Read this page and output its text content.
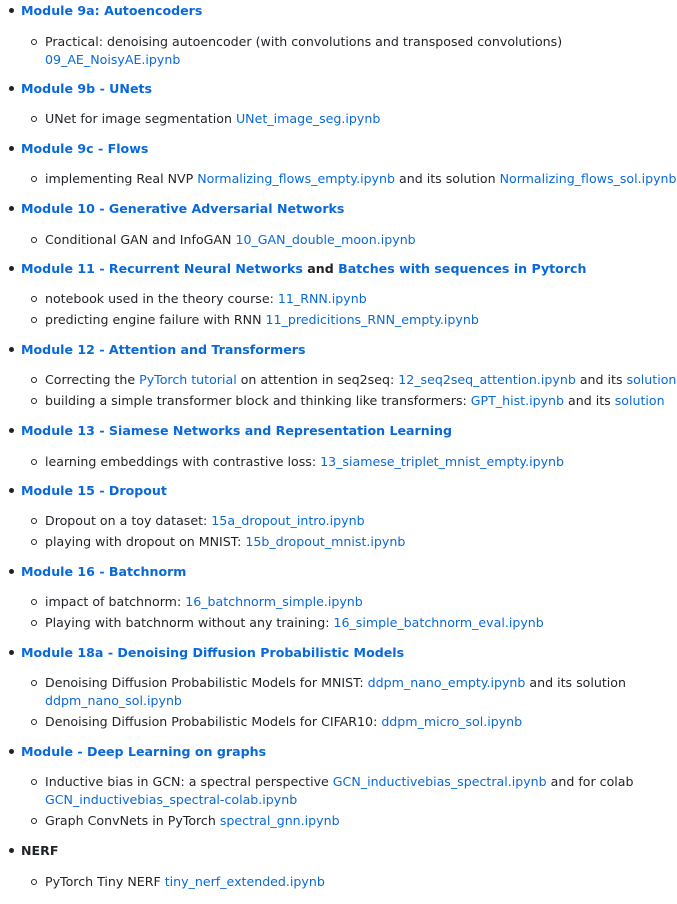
Module 9a: Autoencoders
Practical: denoising autoencoder (with convolutions and transposed convolutions)
09_AE_NoisyAE.ipynb
Module 9b - UNets
UNet for image segmentation UNet_image_seg.ipynb
Module 9c - Flows
implementing Real NVP Normalizing_flows_empty.ipynb and its solution Normalizing_flows_sol.ipynb
Module 10 - Generative Adversarial Networks
Conditional GAN and InfoGAN 10_GAN_double_moon.ipynb
Module 11 - Recurrent Neural Networks and Batches with sequences in Pytorch
notebook used in the theory course: 11_RNN.ipynb
predicting engine failure with RNN 11_predicitions_RNN_empty.ipynb
Module 12 - Attention and Transformers
Correcting the PyTorch tutorial on attention in seq2seq: 12_seq2seq_attention.ipynb and its solution
building a simple transformer block and thinking like transformers: GPT_hist.ipynb and its solution
Module 13 - Siamese Networks and Representation Learning
learning embeddings with contrastive loss: 13_siamese_triplet_mnist_empty.ipynb
Module 15 - Dropout
Dropout on a toy dataset: 15a_dropout_intro.ipynb
playing with dropout on MNIST: 15b_dropout_mnist.ipynb
Module 16 - Batchnorm
impact of batchnorm: 16_batchnorm_simple.ipynb
Playing with batchnorm without any training: 16_simple_batchnorm_eval.ipynb
Module 18a - Denoising Diffusion Probabilistic Models
Denoising Diffusion Probabilistic Models for MNIST: ddpm_nano_empty.ipynb and its solution
ddpm_nano_sol.ipynb
Denoising Diffusion Probabilistic Models for CIFAR10: ddpm_micro_sol.ipynb
Module - Deep Learning on graphs
Inductive bias in GCN: a spectral perspective GCN_inductivebias_spectral.ipynb and for colab
GCN_inductivebias_spectral-colab.ipynb
Graph ConvNets in PyTorch spectral_gnn.ipynb
NERF
PyTorch Tiny NERF tiny_nerf_extended.ipynb
